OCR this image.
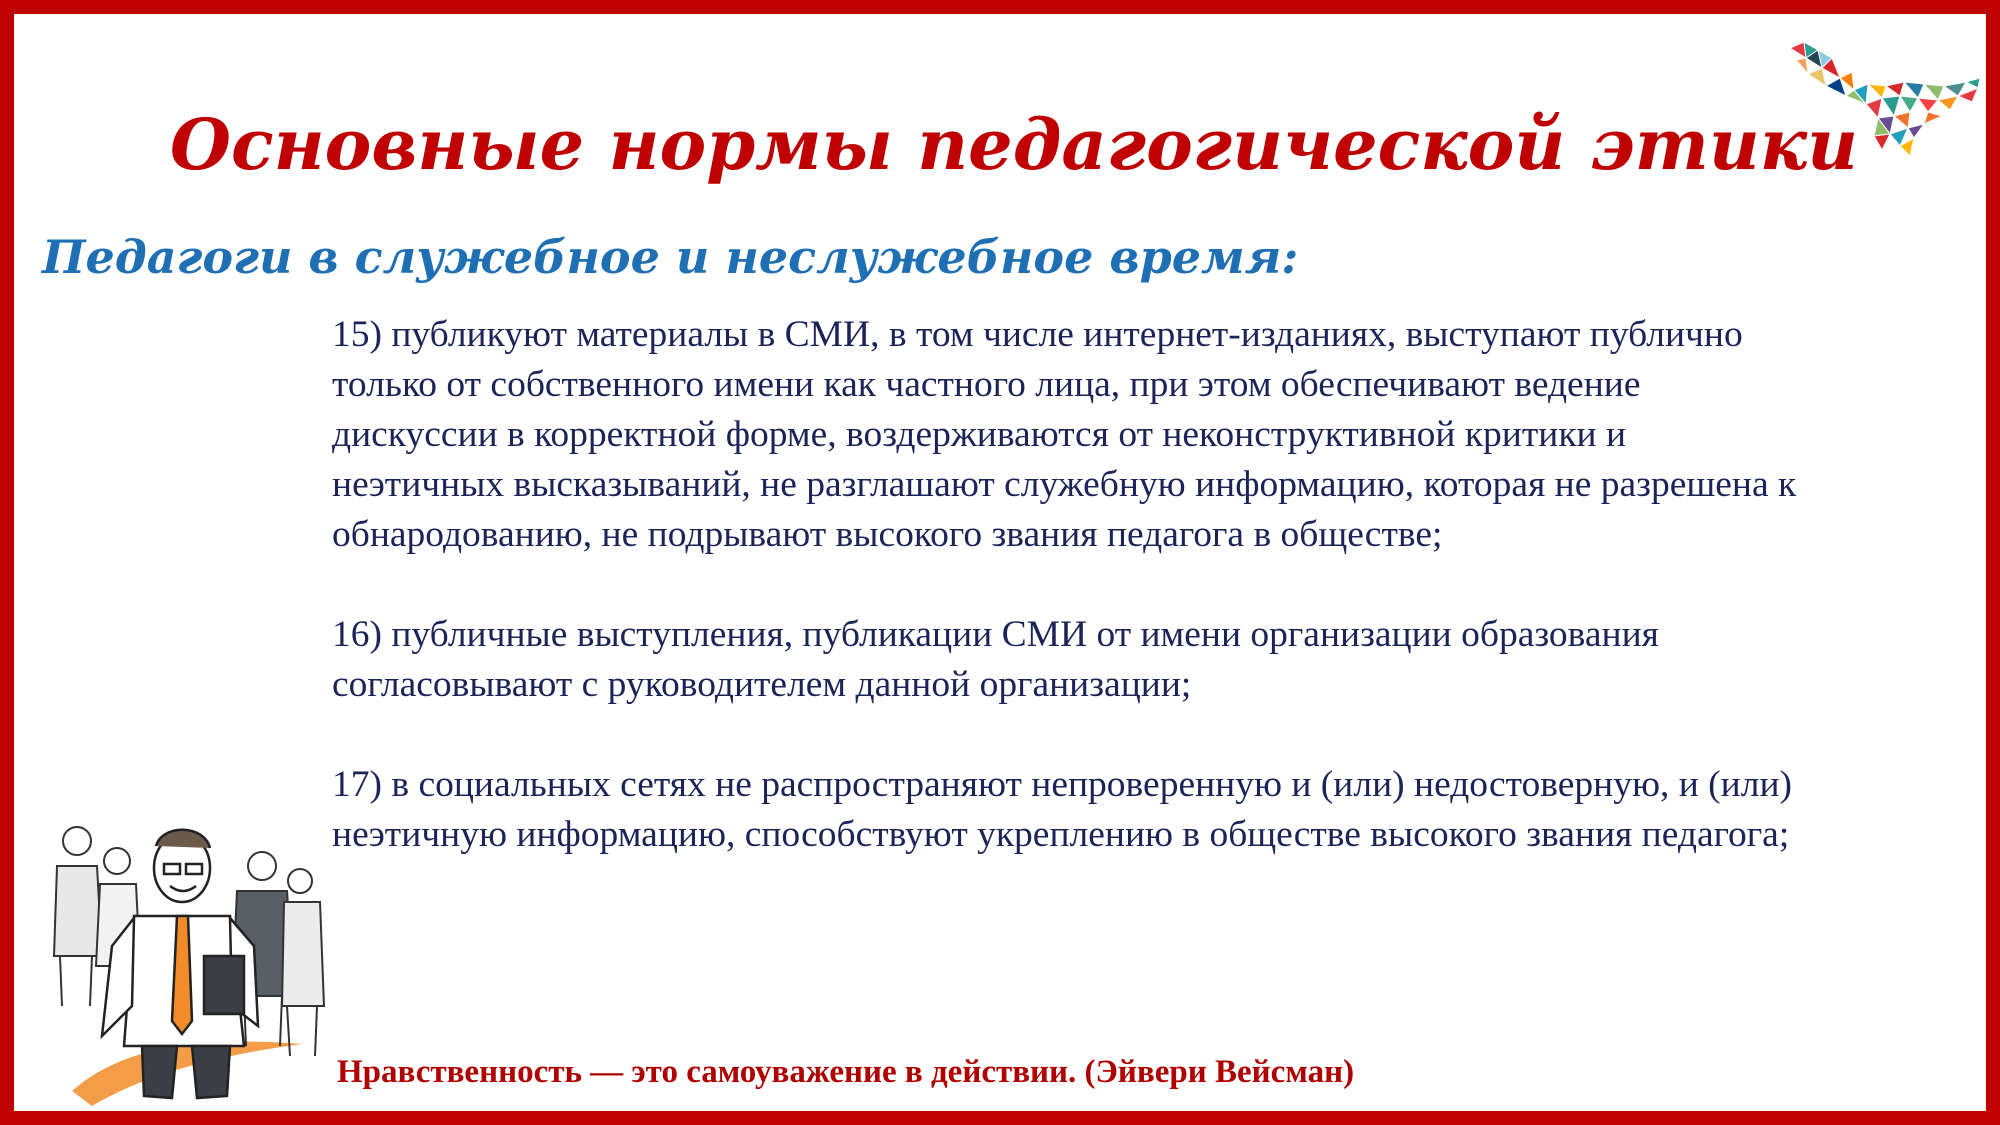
Основные нормы педагогической этики
Педагоги в служебное и неслужебное время:

15) публикуют материалы в СМИ, в том числе интернет-изданиях, выступают публично
только от собственного имени как частного лица, при этом обеспечивают ведение
дискуссии в корректной форме, воздерживаются от неконструктивной критики и
неэтичных высказываний, не разглашают служебную информацию, которая не разрешена к
обнародованию, не подрывают высокого звания педагога в обществе;

16) публичные выступления, публикации СМИ от имени организации образования
согласовывают с руководителем данной организации;

17) в социальных сетях не распространяют непроверенную и (или) недостоверную, и (или)
неэтичную информацию, способствуют укреплению в обществе высокого звания педагога;

Нравственность — это самоуважение в действии. (Эйвери Вейсман)
